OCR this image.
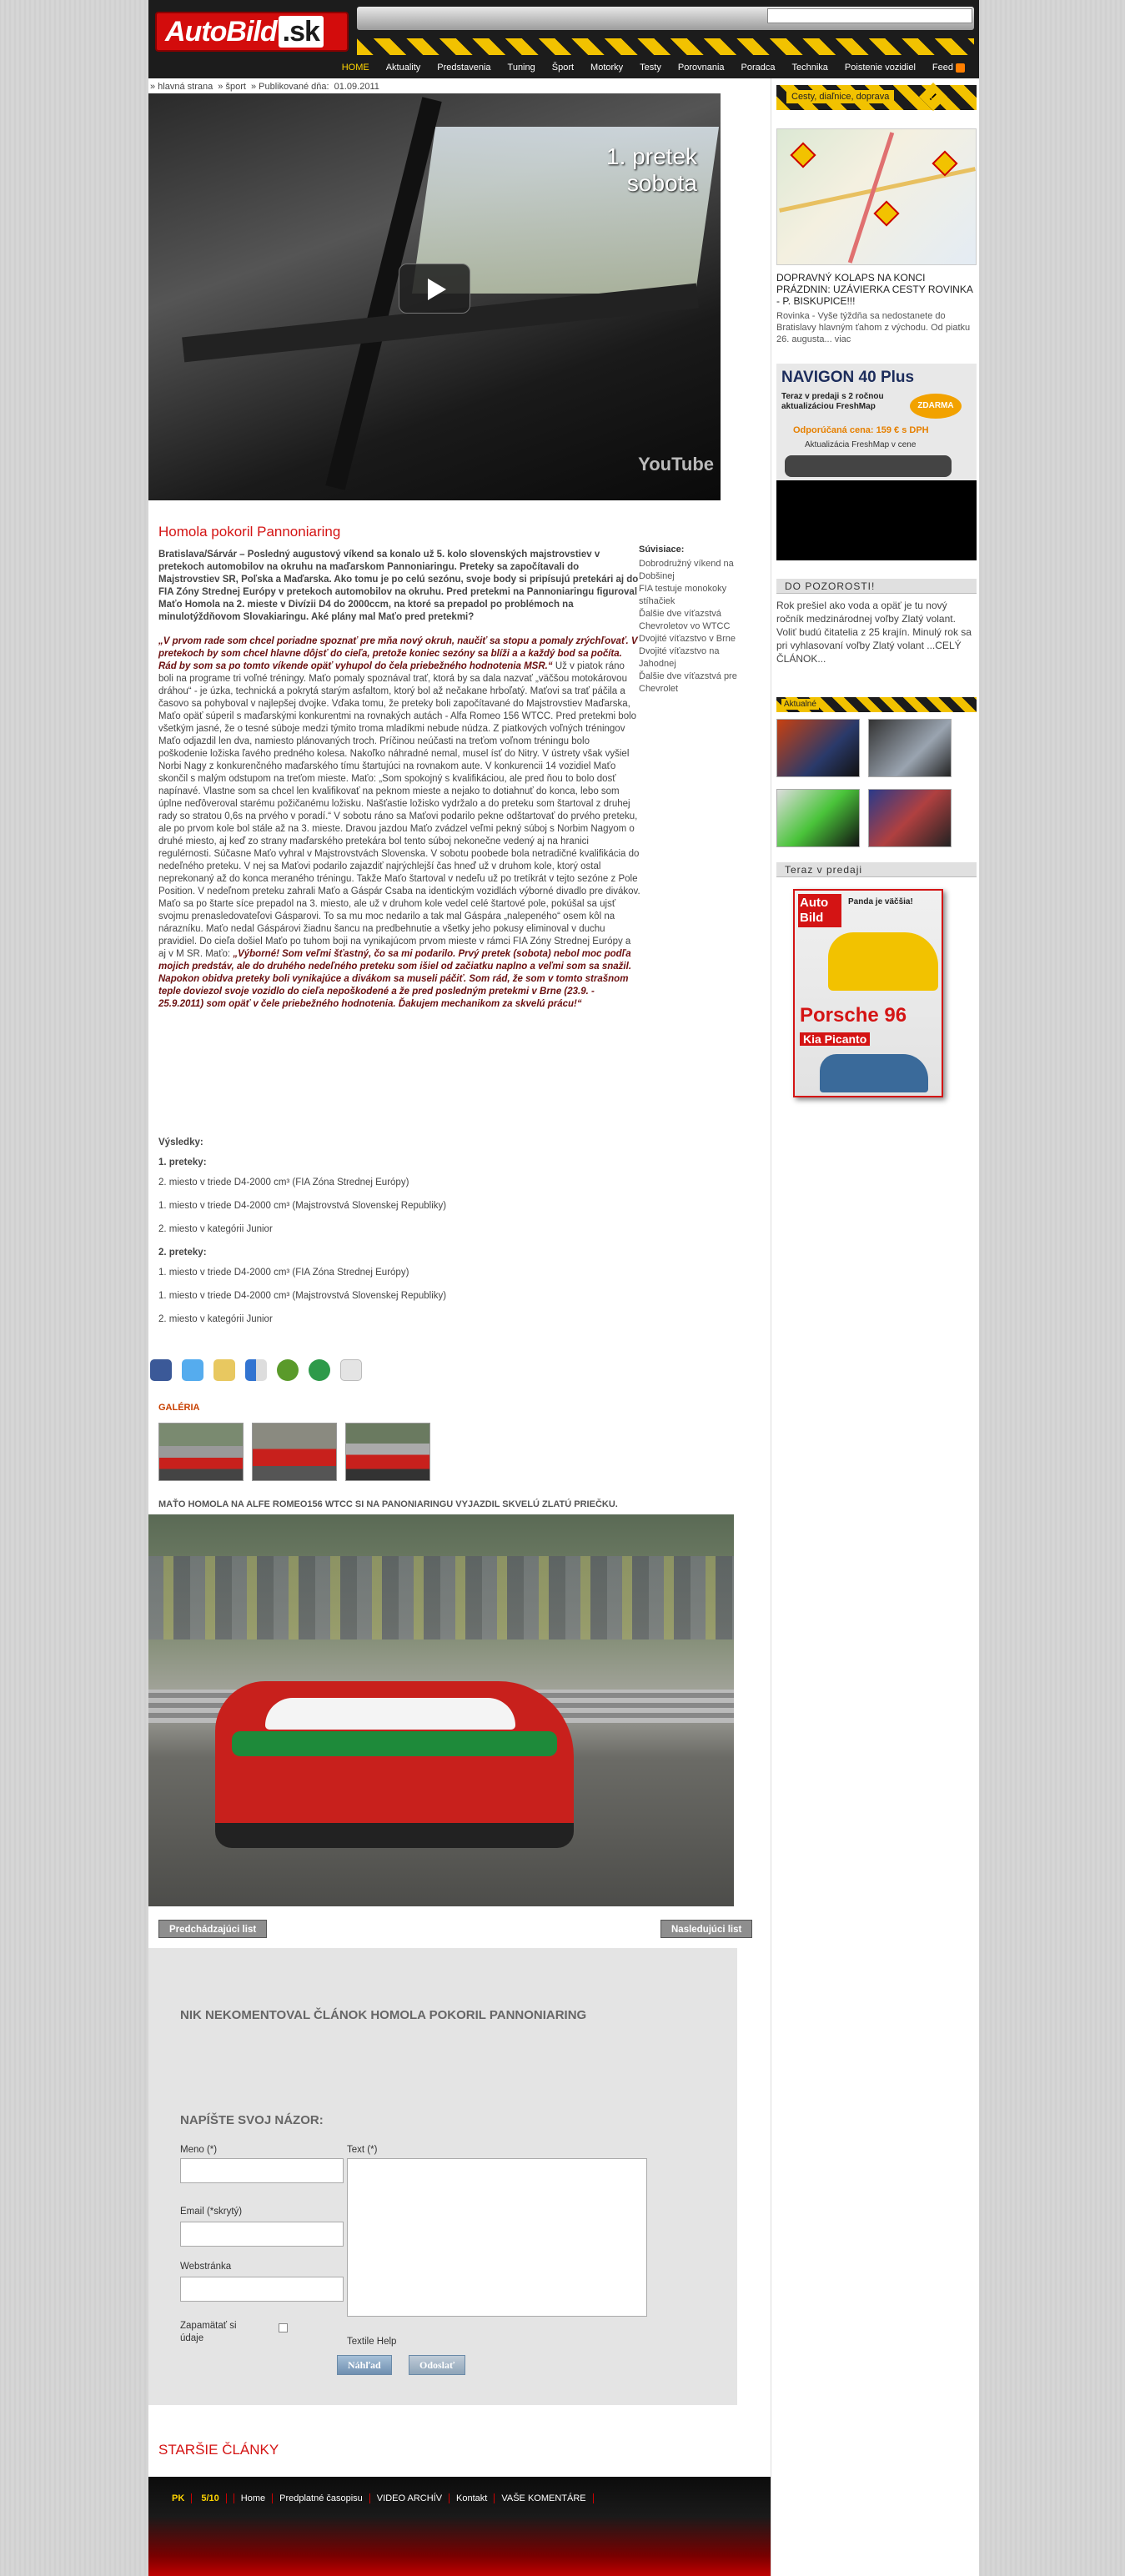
AutoBild .sk
HOME	Aktuality	Predstavenia	Tuning	Šport	Motorky	Testy	Porovnania	Poradca	Technika	Poistenie vozidiel	Feed
» hlavná strana » šport » Publikované dňa: 01.09.2011
1. pretek
sobota
YouTube
Homola pokoril Pannoniaring

Bratislava/Sárvár – Posledný augustový víkend sa konalo už 5. kolo slovenských majstrovstiev v pretekoch automobilov na okruhu na maďarskom Pannoniaringu. Preteky sa započítavali do Majstrovstiev SR, Poľska a Maďarska. Ako tomu je po celú sezónu, svoje body si pripísujú pretekári aj do FIA Zóny Strednej Európy v pretekoch automobilov na okruhu. Pred pretekmi na Pannoniaringu figuroval Maťo Homola na 2. mieste v Divízii D4 do 2000ccm, na ktoré sa prepadol po problémoch na minulotýždňovom Slovakiaringu. Aké plány mal Maťo pred pretekmi?

„V prvom rade som chcel poriadne spoznať pre mňa nový okruh, naučiť sa stopu a pomaly zrýchľovať. V pretekoch by som chcel hlavne dôjsť do cieľa, pretože koniec sezóny sa blíži a a každý bod sa počíta. Rád by som sa po tomto víkende opäť vyhupol do čela priebežného hodnotenia MSR.“ Už v piatok ráno boli na programe tri voľné tréningy. Maťo pomaly spoznával trať, ktorá by sa dala nazvať „väčšou motokárovou dráhou“ - je úzka, technická a pokrytá starým asfaltom, ktorý bol až nečakane hrboľatý. Maťovi sa trať páčila a časovo sa pohyboval v najlepšej dvojke. Vďaka tomu, že preteky boli započítavané do Majstrovstiev Maďarska, Maťo opäť súperil s maďarskými konkurentmi na rovnakých autách - Alfa Romeo 156 WTCC. Pred pretekmi bolo všetkým jasné, že o tesné súboje medzi týmito troma mladíkmi nebude núdza. Z piatkových voľných tréningov Maťo odjazdil len dva, namiesto plánovaných troch. Príčinou neúčasti na treťom voľnom tréningu bolo poškodenie ložiska ľavého predného kolesa. Nakoľko náhradné nemal, musel ísť do Nitry. V ústrety však vyšiel Norbi Nagy z konkurenčného maďarského tímu štartujúci na rovnakom aute. V konkurencii 14 vozidiel Maťo skončil s malým odstupom na treťom mieste. Maťo: „Som spokojný s kvalifikáciou, ale pred ňou to bolo dosť napínavé. Vlastne som sa chcel len kvalifikovať na peknom mieste a nejako to dotiahnuť do konca, lebo som úplne neďôveroval starému požičanému ložisku. Našťastie ložisko vydržalo a do preteku som štartoval z druhej rady so stratou 0,6s na prvého v poradí.“ V sobotu ráno sa Maťovi podarilo pekne odštartovať do prvého preteku, ale po prvom kole bol stále až na 3. mieste. Dravou jazdou Maťo zvádzel veľmi pekný súboj s Norbim Nagyom o druhé miesto, aj keď zo strany maďarského pretekára bol tento súboj nekonečne vedený aj na hranici regulérnosti. Súčasne Maťo vyhral v Majstrovstvách Slovenska. V sobotu poobede bola netradičné kvalifikácia do nedeľného preteku. V nej sa Maťovi podarilo zajazdiť najrýchlejší čas hneď už v druhom kole, ktorý ostal neprekonaný až do konca meraného tréningu. Takže Maťo štartoval v nedeľu už po tretíkrát v tejto sezóne z Pole Position. V nedeľnom preteku zahrali Maťo a Gáspár Csaba na identickým vozidlách výborné divadlo pre divákov. Maťo sa po štarte síce prepadol na 3. miesto, ale už v druhom kole vedel celé štartové pole, pokúšal sa ujsť svojmu prenasledovateľovi Gásparovi. To sa mu moc nedarilo a tak mal Gáspára „nalepeného“ osem kôl na nárazníku. Maťo nedal Gáspárovi žiadnu šancu na predbehnutie a všetky jeho pokusy eliminoval v duchu pravidiel. Do cieľa došiel Maťo po tuhom boji na vynikajúcom prvom mieste v rámci FIA Zóny Strednej Európy a aj v M SR. Maťo: „Výborné! Som veľmi šťastný, čo sa mi podarilo. Prvý pretek (sobota) nebol moc podľa mojich predstáv, ale do druhého nedeľného preteku som išiel od začiatku naplno a veľmi som sa snažil. Napokon obidva preteky boli vynikajúce a divákom sa museli páčiť. Som rád, že som v tomto strašnom teple doviezol svoje vozidlo do cieľa nepoškodené a že pred posledným pretekmi v Brne (23.9. - 25.9.2011) som opäť v čele priebežného hodnotenia. Ďakujem mechanikom za skvelú prácu!“

Súvisiace:
Dobrodružný víkend na Dobšinej
FIA testuje monokoky stíhačiek
Ďalšie dve víťazstvá Chevroletov vo WTCC
Dvojité víťazstvo v Brne
Dvojité víťazstvo na Jahodnej
Ďalšie dve víťazstvá pre Chevrolet
Výsledky:
1. preteky:
2. miesto v triede D4-2000 cm³ (FIA Zóna Strednej Európy)
1. miesto v triede D4-2000 cm³ (Majstrovstvá Slovenskej Republiky)
2. miesto v kategórii Junior
2. preteky:
1. miesto v triede D4-2000 cm³ (FIA Zóna Strednej Európy)
1. miesto v triede D4-2000 cm³ (Majstrovstvá Slovenskej Republiky)
2. miesto v kategórii Junior
GALÉRIA
MAŤO HOMOLA NA ALFE ROMEO156 WTCC SI NA PANONIARINGU VYJAZDIL SKVELÚ ZLATÚ PRIEČKU.
Predchádzajúci list	Nasledujúci list
NIK NEKOMENTOVAL ČLÁNOK HOMOLA POKORIL PANNONIARING
NAPÍŠTE SVOJ NÁZOR:
Meno (*)	Text (*)
Email (*skrytý)
Webstránka
Zapamätať si údaje	Textile Help
Náhľad	Odoslať
STARŠIE ČLÁNKY
PK 5/10	Home	Predplatné časopisu	VIDEO ARCHÍV	Kontakt	VAŠE KOMENTÁRE
Cesty, diaľnice, doprava	!
DOPRAVNÝ KOLAPS NA KONCI PRÁZDNIN: UZÁVIERKA CESTY ROVINKA - P. BISKUPICE!!!
Rovinka - Vyše týždňa sa nedostanete do Bratislavy hlavným ťahom z východu. Od piatku 26. augusta... viac
NAVIGON 40 Plus
Teraz v predaji s 2 ročnou aktualizáciou FreshMap	ZDARMA
Odporúčaná cena: 159 € s DPH
Aktualizácia FreshMap v cene
DO POZOROSTI!
Rok prešiel ako voda a opäť je tu nový ročník medzinárodnej voľby Zlatý volant. Voliť budú čitatelia z 25 krajín. Minulý rok sa pri vyhlasovaní voľby Zlatý volant ...CELÝ ČLÁNOK...
Aktualné
Teraz v predaji
Auto Bild
Panda je väčšia!
Porsche 96
Kia Picanto
